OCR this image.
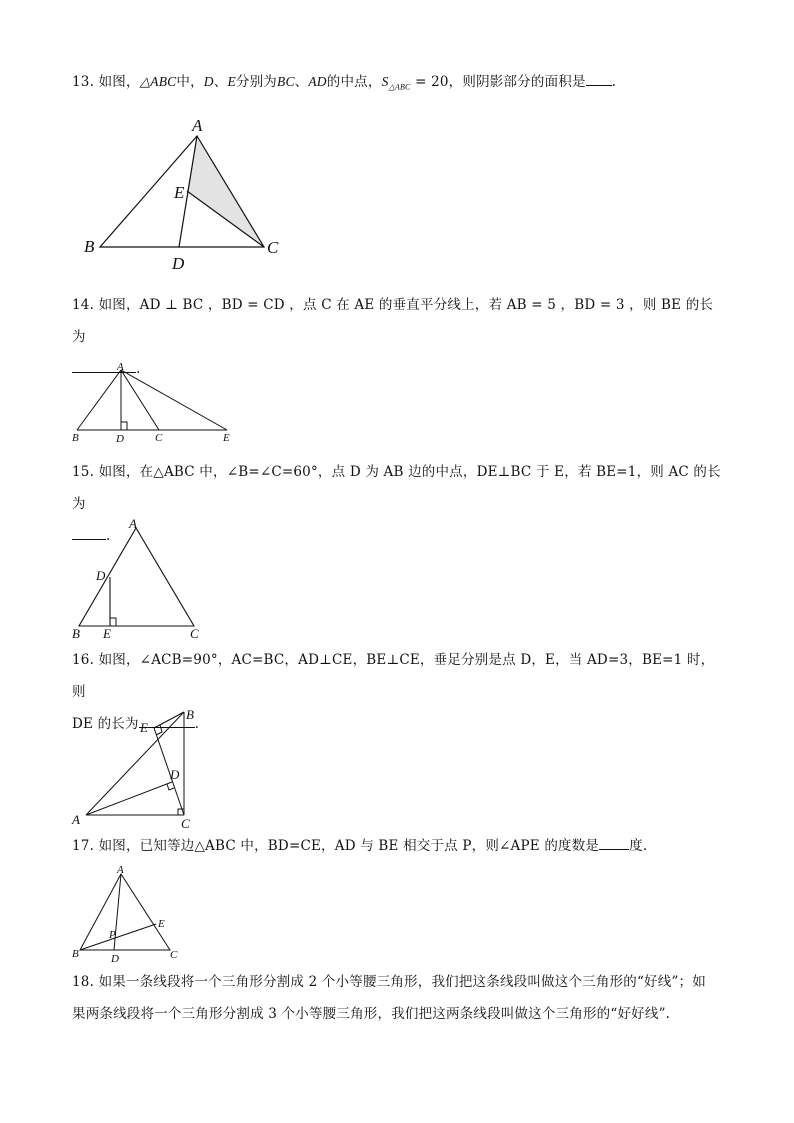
13. 如图，△ABC中，D、E分别为BC、AD的中点，$S_{\triangle ABC} = 20$，则阴影部分的面积是 .
A
B	C
D
E
14. 如图，AD ⊥ BC ，BD = CD ，点 C 在 AE 的垂直平分线上，若 AB = 5 ，BD = 3 ，则 BE 的长为
.
A
B	D	C	E
15. 如图，在△ABC 中，∠B=∠C=60°，点 D 为 AB 边的中点，DE⊥BC 于 E，若 BE=1，则 AC 的长为
.
A
D
B E	C
16. 如图，∠ACB=90°，AC=BC，AD⊥CE，BE⊥CE，垂足分别是点 D，E，当 AD=3，BE=1 时，则
DE 的长为	.
E
B
D
A	C
17. 如图，已知等边△ABC 中，BD=CE，AD 与 BE 相交于点 P，则∠APE 的度数是 度.
A
B	C
D
E
P
18. 如果一条线段将一个三角形分割成 2 个小等腰三角形，我们把这条线段叫做这个三角形的“好线”；如
果两条线段将一个三角形分割成 3 个小等腰三角形，我们把这两条线段叫做这个三角形的“好好线”.
